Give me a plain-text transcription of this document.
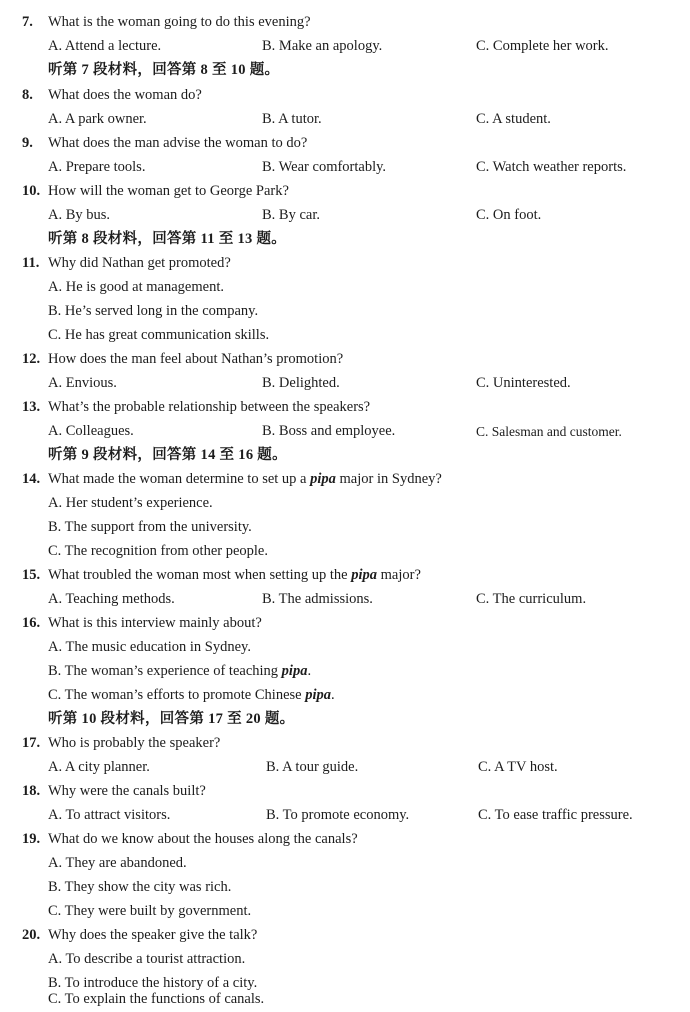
7. What is the woman going to do this evening?
A. Attend a lecture.	B. Make an apology.	C. Complete her work.
听第 7 段材料，回答第 8 至 10 题。
8. What does the woman do?
A. A park owner.	B. A tutor.	C. A student.
9. What does the man advise the woman to do?
A. Prepare tools.	B. Wear comfortably.	C. Watch weather reports.
10. How will the woman get to George Park?
A. By bus.	B. By car.	C. On foot.
听第 8 段材料，回答第 11 至 13 题。
11. Why did Nathan get promoted?
A. He is good at management.
B. He’s served long in the company.
C. He has great communication skills.
12. How does the man feel about Nathan’s promotion?
A. Envious.	B. Delighted.	C. Uninterested.
13. What’s the probable relationship between the speakers?
A. Colleagues.	B. Boss and employee.	C. Salesman and customer.
听第 9 段材料，回答第 14 至 16 题。
14. What made the woman determine to set up a pipa major in Sydney?
A. Her student’s experience.
B. The support from the university.
C. The recognition from other people.
15. What troubled the woman most when setting up the pipa major?
A. Teaching methods.	B. The admissions.	C. The curriculum.
16. What is this interview mainly about?
A. The music education in Sydney.
B. The woman’s experience of teaching pipa.
C. The woman’s efforts to promote Chinese pipa.
听第 10 段材料，回答第 17 至 20 题。
17. Who is probably the speaker?
A. A city planner.	B. A tour guide.	C. A TV host.
18. Why were the canals built?
A. To attract visitors.	B. To promote economy.	C. To ease traffic pressure.
19. What do we know about the houses along the canals?
A. They are abandoned.
B. They show the city was rich.
C. They were built by government.
20. Why does the speaker give the talk?
A. To describe a tourist attraction.
B. To introduce the history of a city.
C. To explain the functions of canals.
